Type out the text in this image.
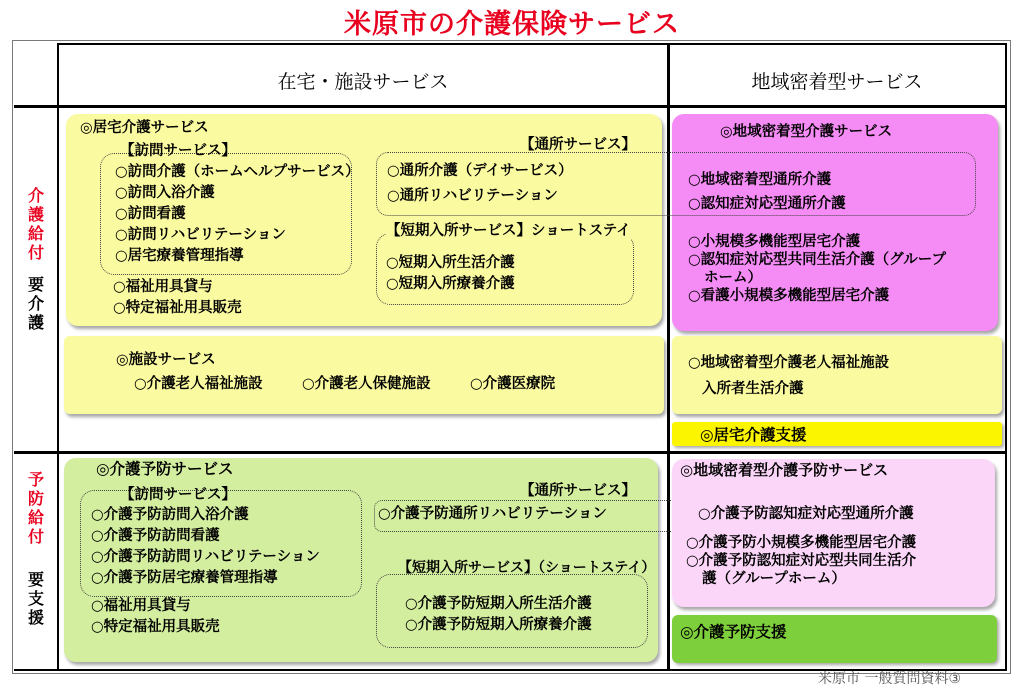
米原市の介護保険サービス
在宅・施設サービス	地域密着型サービス
介護給付
要介護
予防給付
要支援
◎居宅介護サービス
【訪問サービス】
○訪問介護（ホームヘルプサービス）
○訪問入浴介護
○訪問看護
○訪問リハビリテーション
○居宅療養管理指導
○福祉用具貸与
○特定福祉用具販売
【通所サービス】
○通所介護（デイサービス）
○通所リハビリテーション
【短期入所サービス】ショートステイ
○短期入所生活介護
○短期入所療養介護
◎施設サービス
○介護老人福祉施設	○介護老人保健施設	○介護医療院
◎地域密着型介護サービス
○地域密着型通所介護
○認知症対応型通所介護
○小規模多機能型居宅介護
○認知症対応型共同生活介護（グループ
ホーム）
○看護小規模多機能型居宅介護
○地域密着型介護老人福祉施設
入所者生活介護
◎居宅介護支援
◎介護予防サービス
【訪問サービス】
○介護予防訪問入浴介護
○介護予防訪問看護
○介護予防訪問リハビリテーション
○介護予防居宅療養管理指導
○福祉用具貸与
○特定福祉用具販売
【通所サービス】
○介護予防通所リハビリテーション
【短期入所サービス】（ショートステイ）
○介護予防短期入所生活介護
○介護予防短期入所療養介護
◎地域密着型介護予防サービス
○介護予防認知症対応型通所介護
○介護予防小規模多機能型居宅介護
○介護予防認知症対応型共同生活介
護（グループホーム）
◎介護予防支援
米原市 一般質問資料③
